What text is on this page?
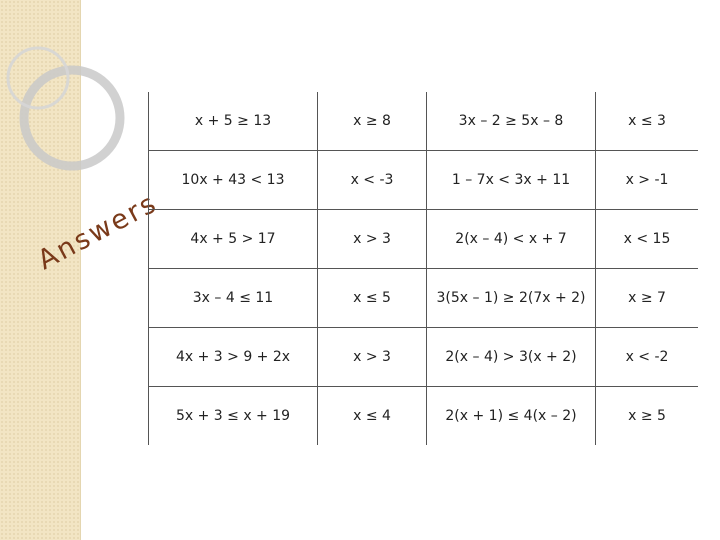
Answers
x + 5 ≥ 13	x ≥ 8	3x – 2 ≥ 5x – 8	x ≤ 3
10x + 43 < 13	x < -3	1 – 7x < 3x + 11	x > -1
4x + 5 > 17	x > 3	2(x – 4) < x + 7	x < 15
3x – 4 ≤ 11	x ≤ 5	3(5x – 1) ≥ 2(7x + 2)	x ≥ 7
4x + 3 > 9 + 2x	x > 3	2(x – 4) > 3(x + 2)	x < -2
5x + 3 ≤ x + 19	x ≤ 4	2(x + 1) ≤ 4(x – 2)	x ≥ 5
